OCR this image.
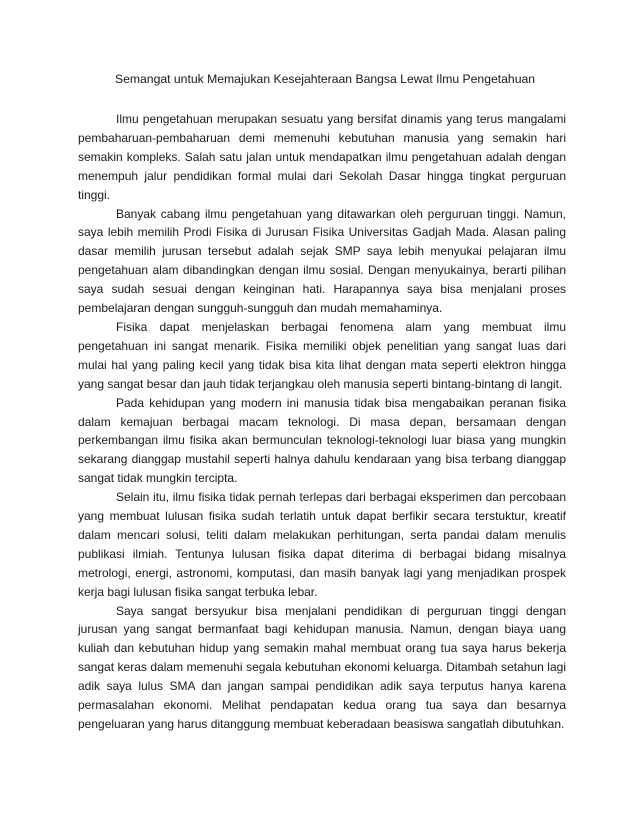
Semangat untuk Memajukan Kesejahteraan Bangsa Lewat Ilmu Pengetahuan

Ilmu pengetahuan merupakan sesuatu yang bersifat dinamis yang terus mangalami pembaharuan-pembaharuan demi memenuhi kebutuhan manusia yang semakin hari semakin kompleks. Salah satu jalan untuk mendapatkan ilmu pengetahuan adalah dengan menempuh jalur pendidikan formal mulai dari Sekolah Dasar hingga tingkat perguruan tinggi.

Banyak cabang ilmu pengetahuan yang ditawarkan oleh perguruan tinggi. Namun, saya lebih memilih Prodi Fisika di Jurusan Fisika Universitas Gadjah Mada. Alasan paling dasar memilih jurusan tersebut adalah sejak SMP saya lebih menyukai pelajaran ilmu pengetahuan alam dibandingkan dengan ilmu sosial. Dengan menyukainya, berarti pilihan saya sudah sesuai dengan keinginan hati. Harapannya saya bisa menjalani proses pembelajaran dengan sungguh-sungguh dan mudah memahaminya.

Fisika dapat menjelaskan berbagai fenomena alam yang membuat ilmu pengetahuan ini sangat menarik. Fisika memiliki objek penelitian yang sangat luas dari mulai hal yang paling kecil yang tidak bisa kita lihat dengan mata seperti elektron hingga yang sangat besar dan jauh tidak terjangkau oleh manusia seperti bintang-bintang di langit.

Pada kehidupan yang modern ini manusia tidak bisa mengabaikan peranan fisika dalam kemajuan berbagai macam teknologi. Di masa depan, bersamaan dengan perkembangan ilmu fisika akan bermunculan teknologi-teknologi luar biasa yang mungkin sekarang dianggap mustahil seperti halnya dahulu kendaraan yang bisa terbang dianggap sangat tidak mungkin tercipta.

Selain itu, ilmu fisika tidak pernah terlepas dari berbagai eksperimen dan percobaan yang membuat lulusan fisika sudah terlatih untuk dapat berfikir secara terstuktur, kreatif dalam mencari solusi, teliti dalam melakukan perhitungan, serta pandai dalam menulis publikasi ilmiah. Tentunya lulusan fisika dapat diterima di berbagai bidang misalnya metrologi, energi, astronomi, komputasi, dan masih banyak lagi yang menjadikan prospek kerja bagi lulusan fisika sangat terbuka lebar.

Saya sangat bersyukur bisa menjalani pendidikan di perguruan tinggi dengan jurusan yang sangat bermanfaat bagi kehidupan manusia. Namun, dengan biaya uang kuliah dan kebutuhan hidup yang semakin mahal membuat orang tua saya harus bekerja sangat keras dalam memenuhi segala kebutuhan ekonomi keluarga. Ditambah setahun lagi adik saya lulus SMA dan jangan sampai pendidikan adik saya terputus hanya karena permasalahan ekonomi. Melihat pendapatan kedua orang tua saya dan besarnya pengeluaran yang harus ditanggung membuat keberadaan beasiswa sangatlah dibutuhkan.
